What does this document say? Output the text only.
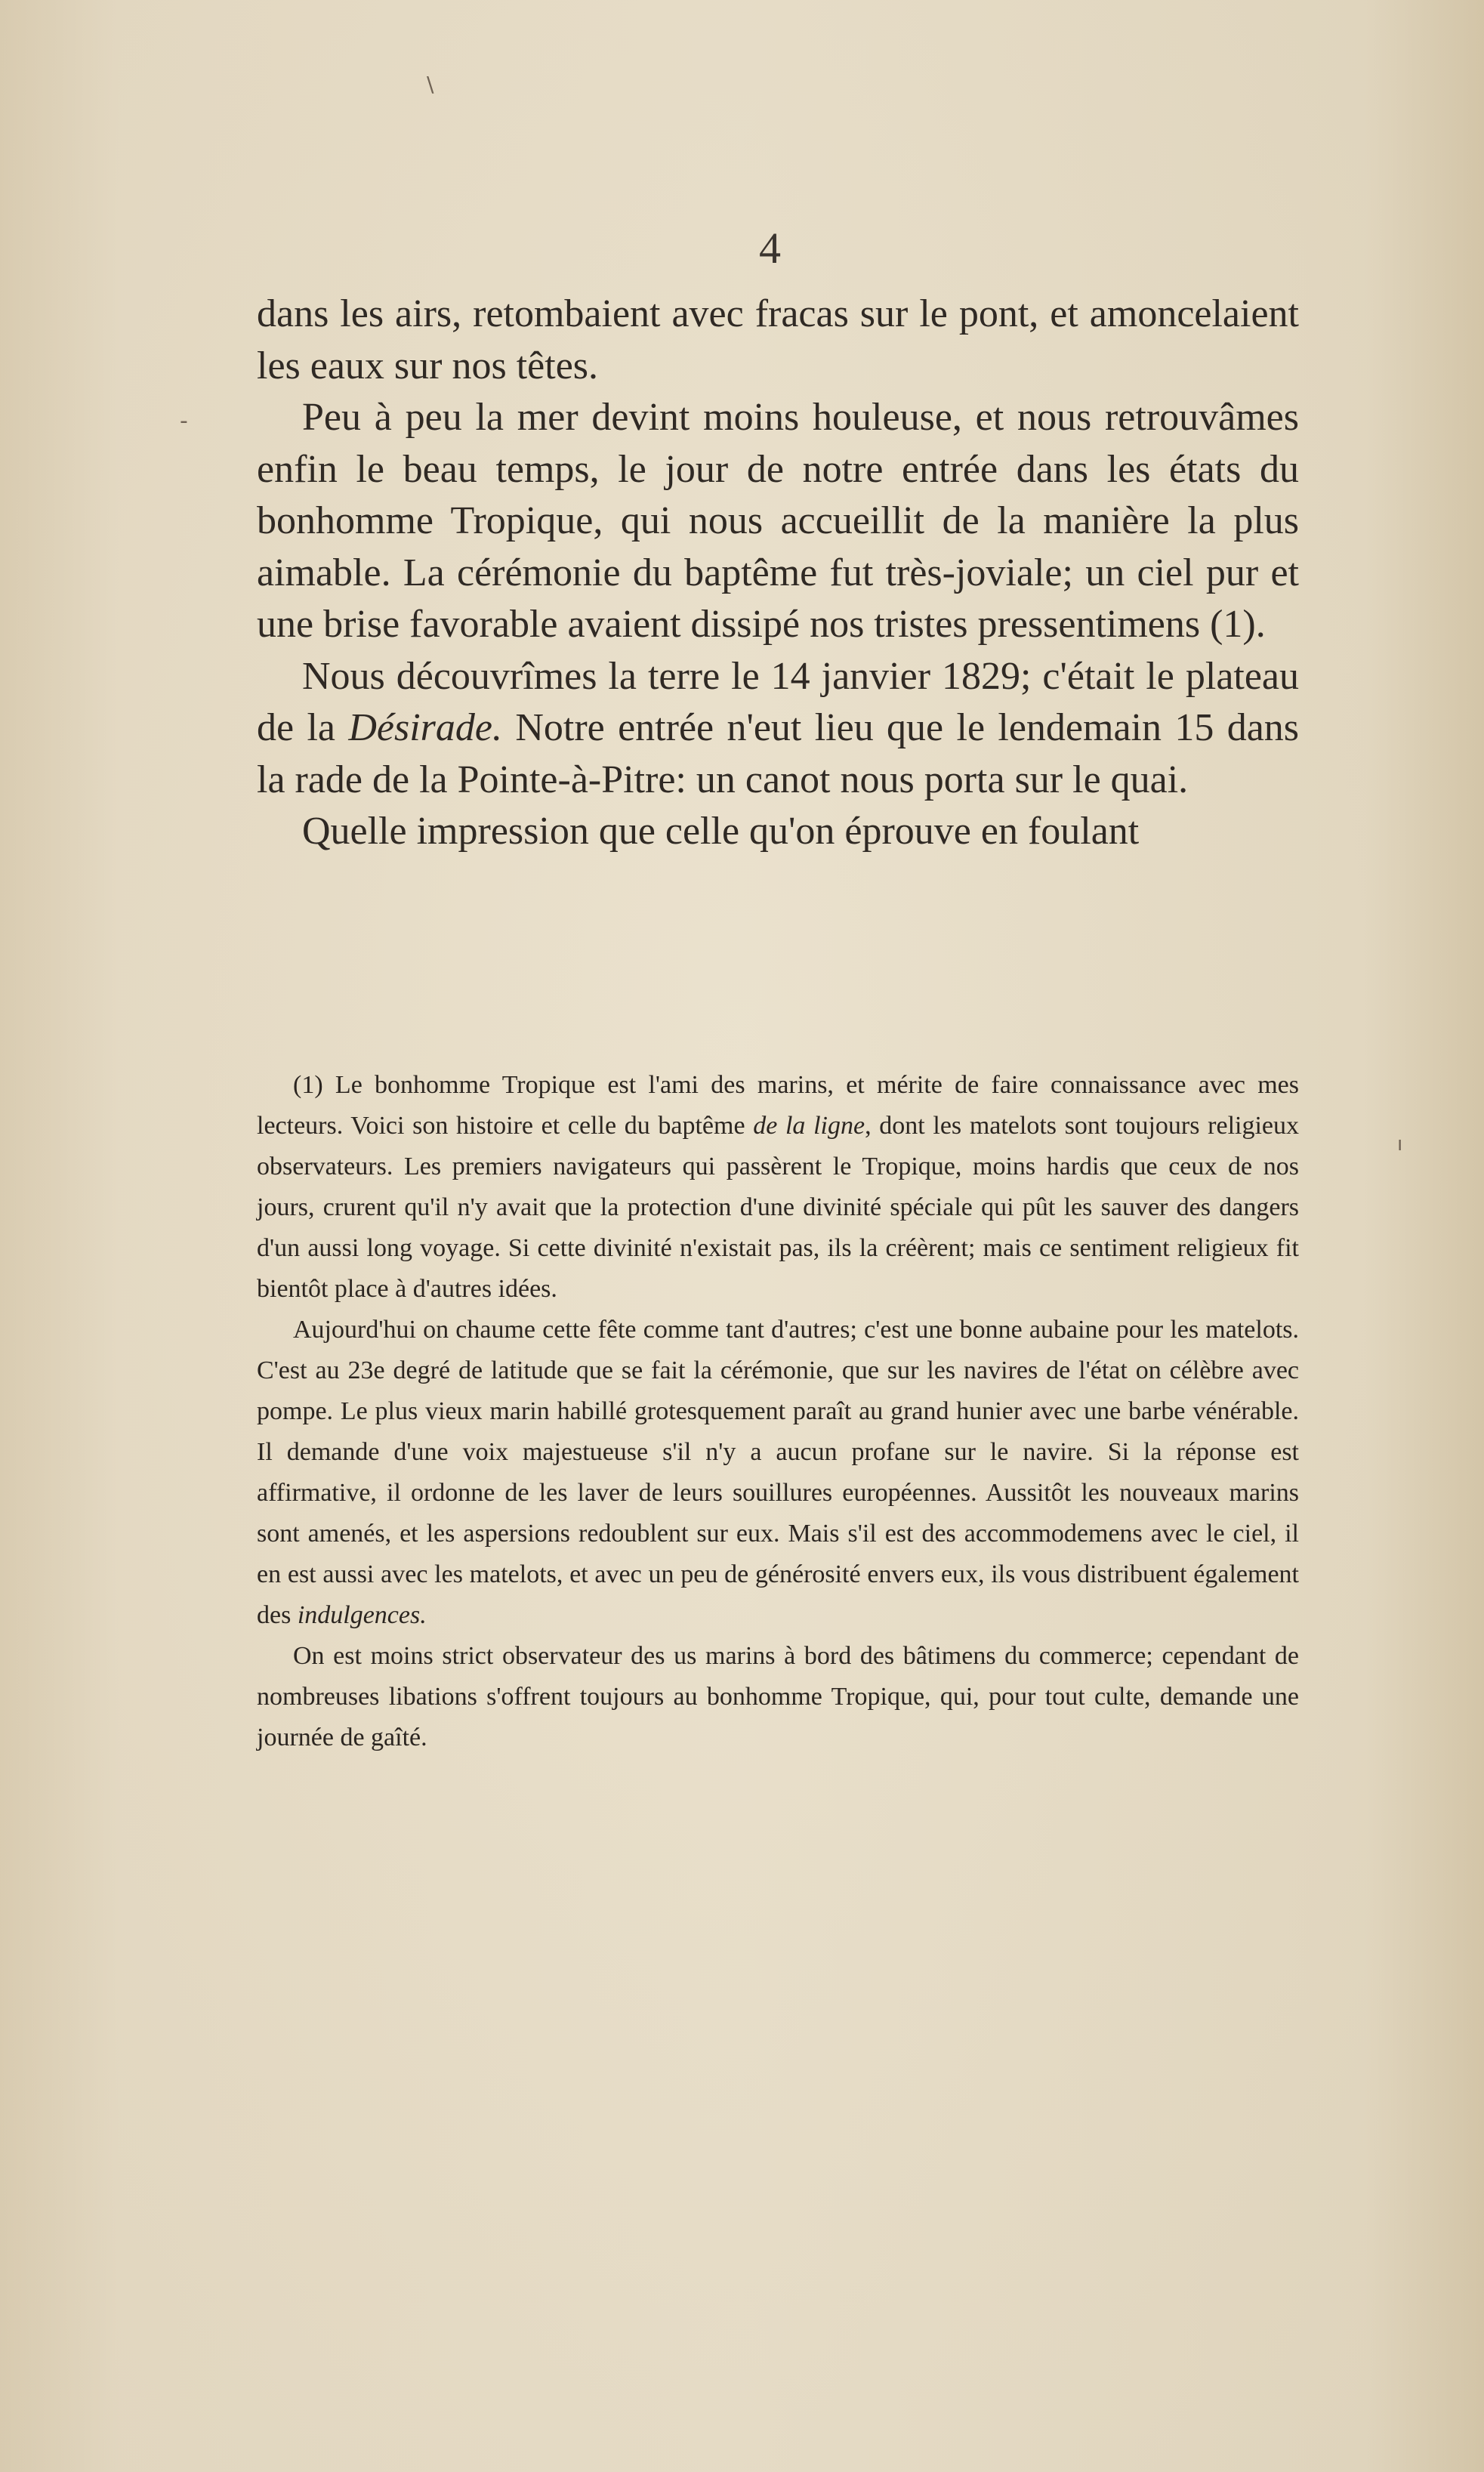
4

dans les airs, retombaient avec fracas sur le pont, et amoncelaient les eaux sur nos têtes.

Peu à peu la mer devint moins houleuse, et nous retrouvâmes enfin le beau temps, le jour de notre entrée dans les états du bonhomme Tropique, qui nous accueillit de la manière la plus aimable. La cérémonie du baptême fut très-joviale; un ciel pur et une brise favorable avaient dissipé nos tristes pressentimens (1).

Nous découvrîmes la terre le 14 janvier 1829; c'était le plateau de la Désirade. Notre entrée n'eut lieu que le lendemain 15 dans la rade de la Pointe-à-Pitre: un canot nous porta sur le quai.

Quelle impression que celle qu'on éprouve en foulant

(1) Le bonhomme Tropique est l'ami des marins, et mérite de faire connaissance avec mes lecteurs. Voici son histoire et celle du baptême de la ligne, dont les matelots sont toujours religieux observateurs. Les premiers navigateurs qui passèrent le Tropique, moins hardis que ceux de nos jours, crurent qu'il n'y avait que la protection d'une divinité spéciale qui pût les sauver des dangers d'un aussi long voyage. Si cette divinité n'existait pas, ils la créèrent; mais ce sentiment religieux fit bientôt place à d'autres idées.

Aujourd'hui on chaume cette fête comme tant d'autres; c'est une bonne aubaine pour les matelots. C'est au 23e degré de latitude que se fait la cérémonie, que sur les navires de l'état on célèbre avec pompe. Le plus vieux marin habillé grotesquement paraît au grand hunier avec une barbe vénérable. Il demande d'une voix majestueuse s'il n'y a aucun profane sur le navire. Si la réponse est affirmative, il ordonne de les laver de leurs souillures européennes. Aussitôt les nouveaux marins sont amenés, et les aspersions redoublent sur eux. Mais s'il est des accommodemens avec le ciel, il en est aussi avec les matelots, et avec un peu de générosité envers eux, ils vous distribuent également des indulgences.

On est moins strict observateur des us marins à bord des bâtimens du commerce; cependant de nombreuses libations s'offrent toujours au bonhomme Tropique, qui, pour tout culte, demande une journée de gaîté.

\
-
ı
